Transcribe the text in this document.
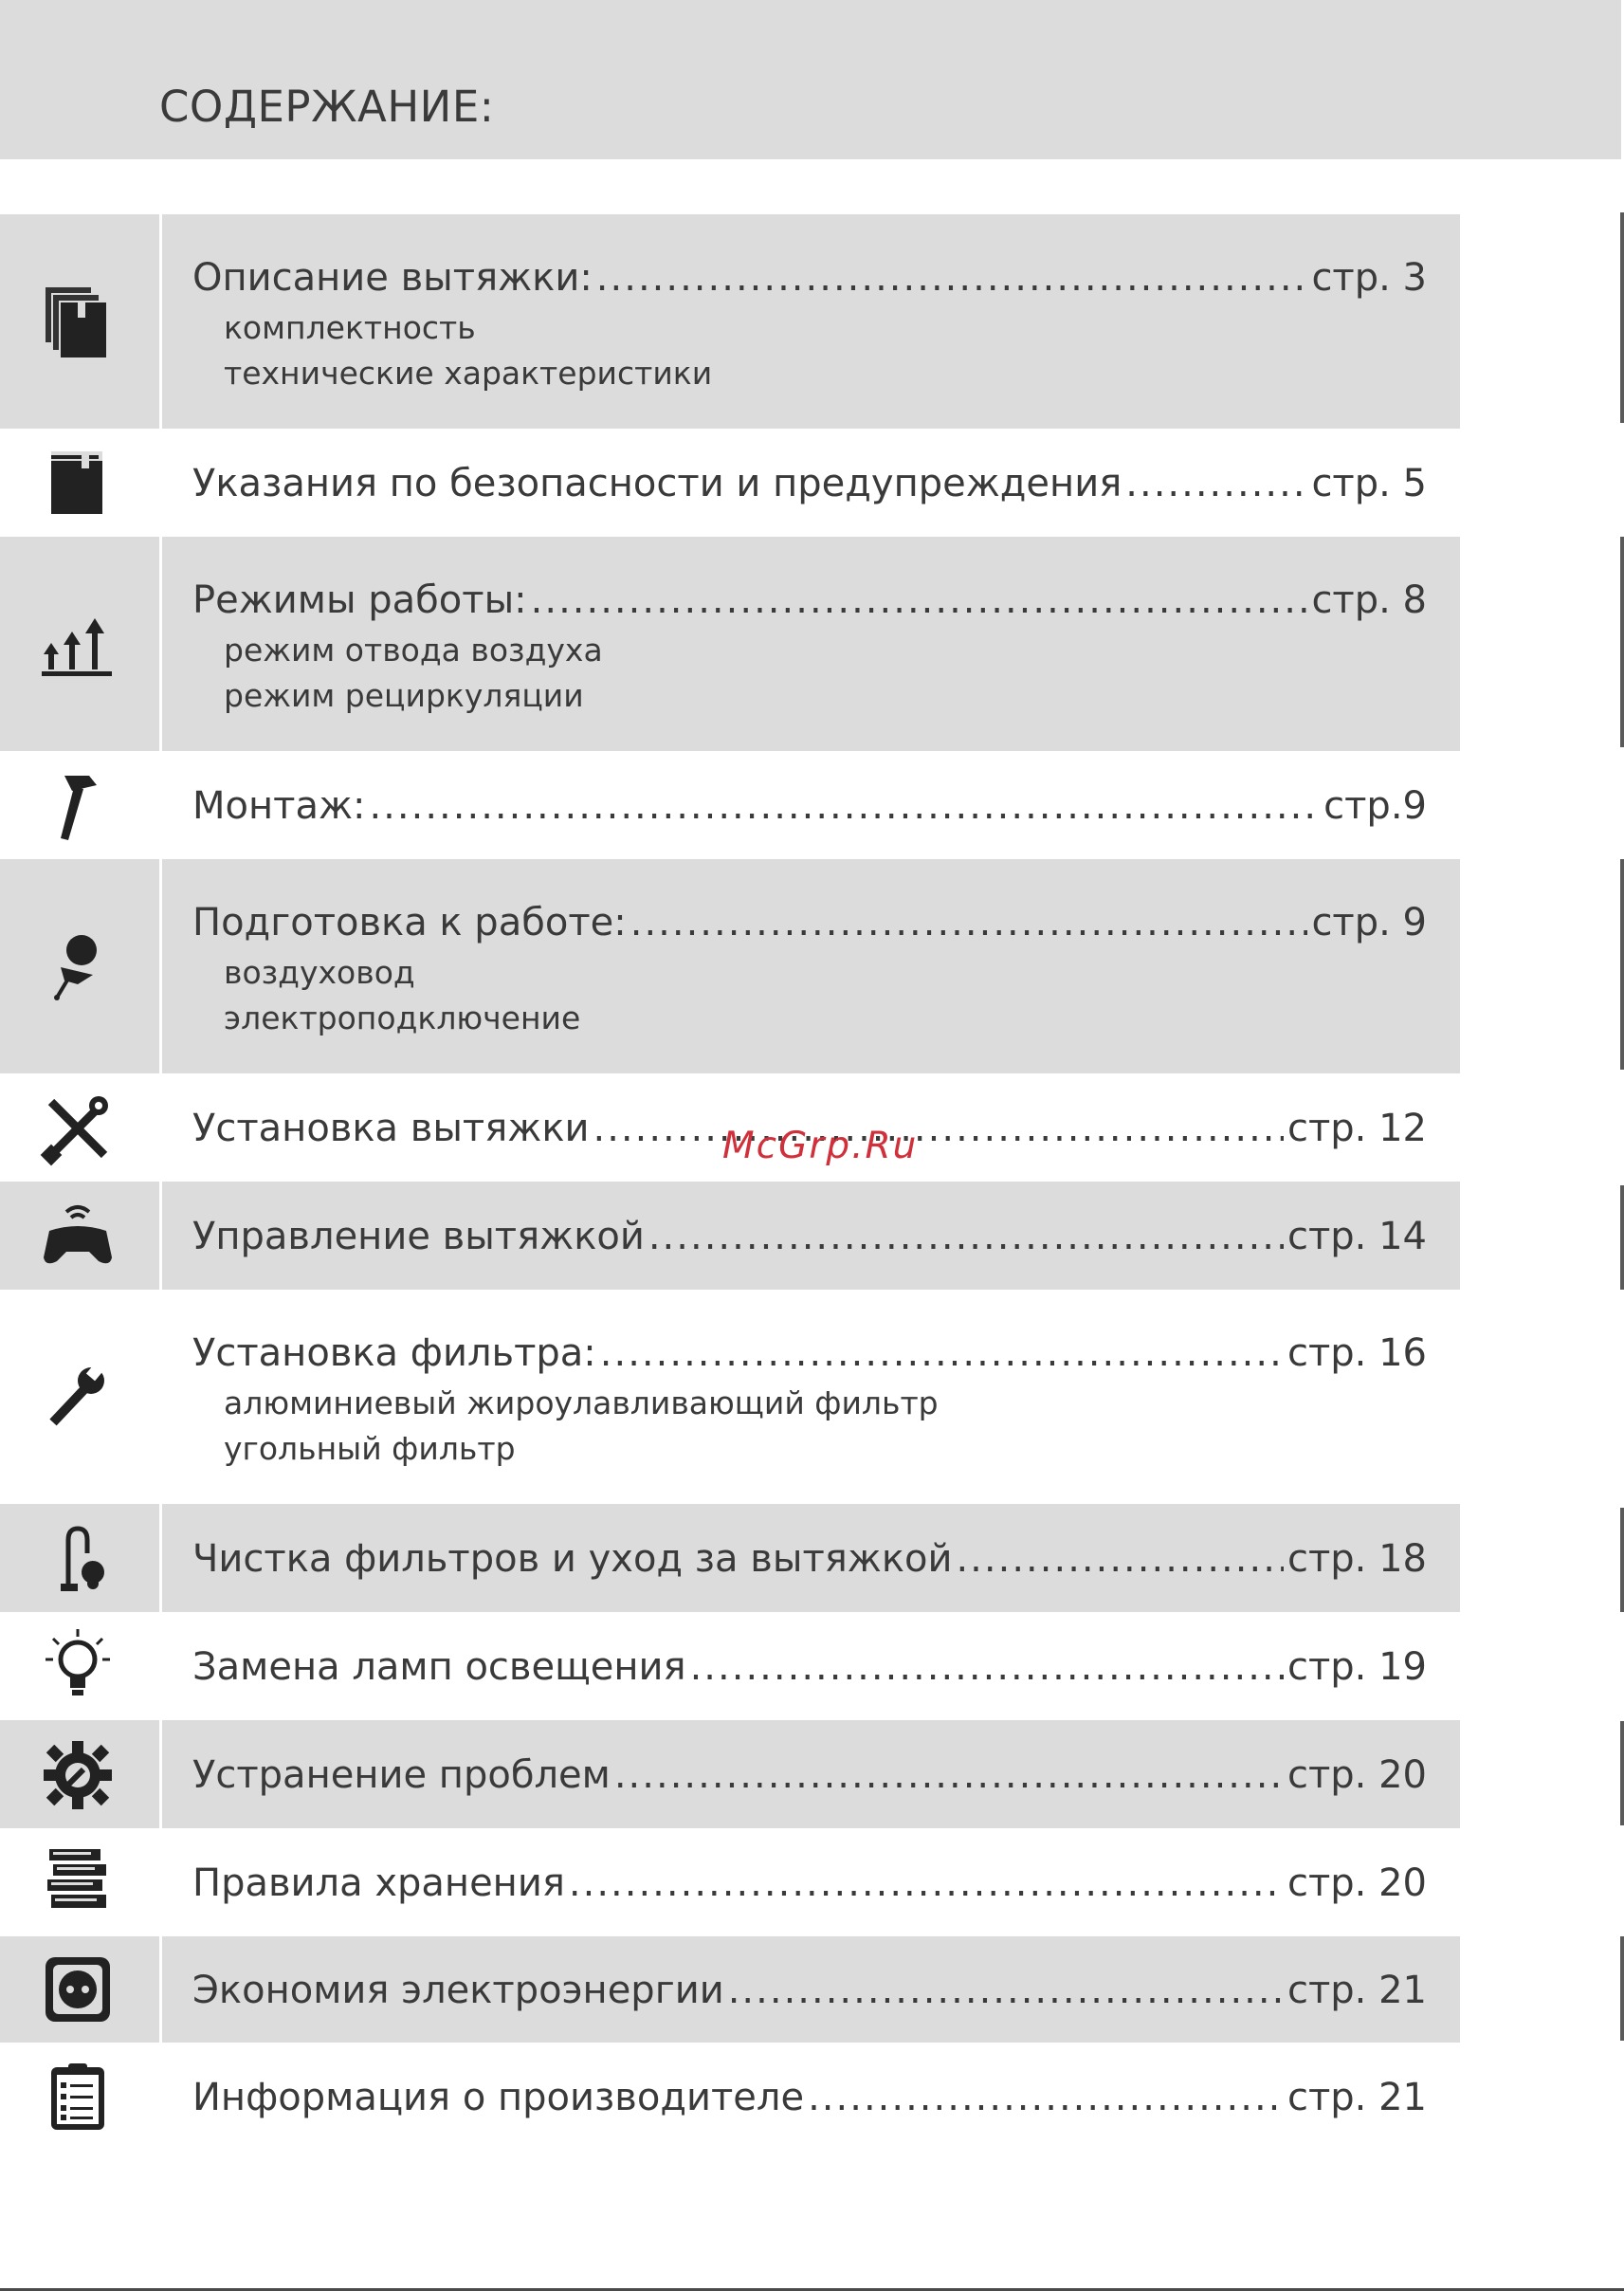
СОДЕРЖАНИЕ:
Описание вытяжки: .....	стр. 3
комплектность
технические характеристики
Указания по безопасности и предупреждения .....	стр. 5
Режимы работы: .....	стр. 8
режим отвода воздуха
режим рециркуляции
Монтаж: .....	стр.9
Подготовка к работе: .....	стр. 9
воздуховод
электроподключение
Установка вытяжки .....	стр. 12
Управление вытяжкой .....	стр. 14
Установка фильтра: .....	стр. 16
алюминиевый жироулавливающий фильтр
угольный фильтр
Чистка фильтров и уход за вытяжкой .....	стр. 18
Замена ламп освещения .....	стр. 19
Устранение проблем .....	стр. 20
Правила хранения .....	стр. 20
Экономия электроэнергии .....	стр. 21
Информация о производителе .....	стр. 21
McGrp.Ru
